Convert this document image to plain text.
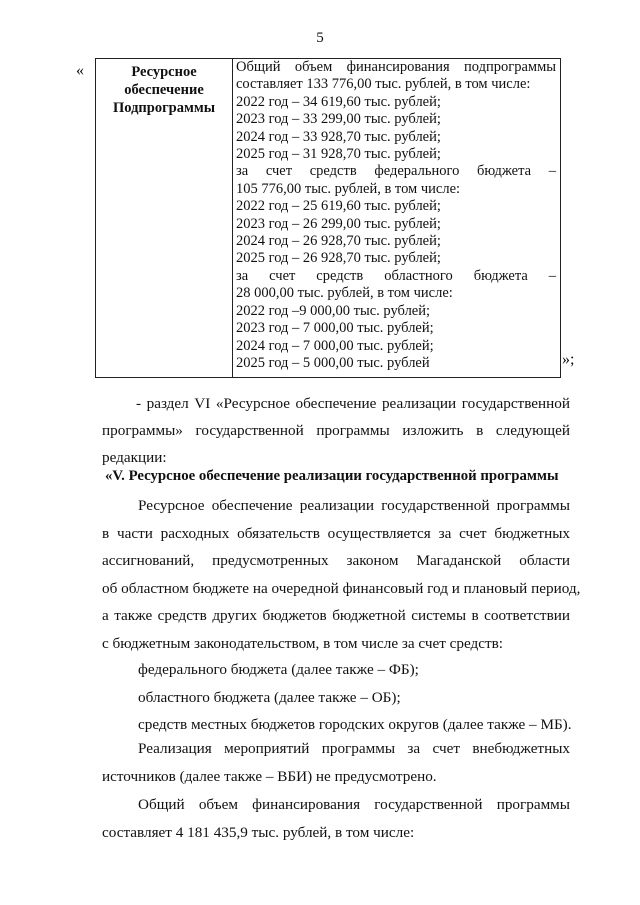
5
«	Ресурсное
обеспечение
Подпрограммы

Общий объем финансирования подпрограммы
составляет 133 776,00 тыс. рублей, в том числе:
2022 год – 34 619,60 тыс. рублей;
2023 год – 33 299,00 тыс. рублей;
2024 год – 33 928,70 тыс. рублей;
2025 год – 31 928,70 тыс. рублей;
за счет средств федерального бюджета –
105 776,00 тыс. рублей, в том числе:
2022 год – 25 619,60 тыс. рублей;
2023 год – 26 299,00 тыс. рублей;
2024 год – 26 928,70 тыс. рублей;
2025 год – 26 928,70 тыс. рублей;
за счет средств областного бюджета –
28 000,00 тыс. рублей, в том числе:
2022 год –9 000,00 тыс. рублей;
2023 год – 7 000,00 тыс. рублей;
2024 год – 7 000,00 тыс. рублей;
2025 год – 5 000,00 тыс. рублей	»;
- раздел VI «Ресурсное обеспечение реализации государственной
программы» государственной программы изложить в следующей
редакции:
«V. Ресурсное обеспечение реализации государственной программы
Ресурсное обеспечение реализации государственной программы
в части расходных обязательств осуществляется за счет бюджетных
ассигнований, предусмотренных законом Магаданской области
об областном бюджете на очередной финансовый год и плановый период,
а также средств других бюджетов бюджетной системы в соответствии
с бюджетным законодательством, в том числе за счет средств:
федерального бюджета (далее также – ФБ);
областного бюджета (далее также – ОБ);
средств местных бюджетов городских округов (далее также – МБ).
Реализация мероприятий программы за счет внебюджетных
источников (далее также – ВБИ) не предусмотрено.
Общий объем финансирования государственной программы
составляет 4 181 435,9 тыс. рублей, в том числе:
